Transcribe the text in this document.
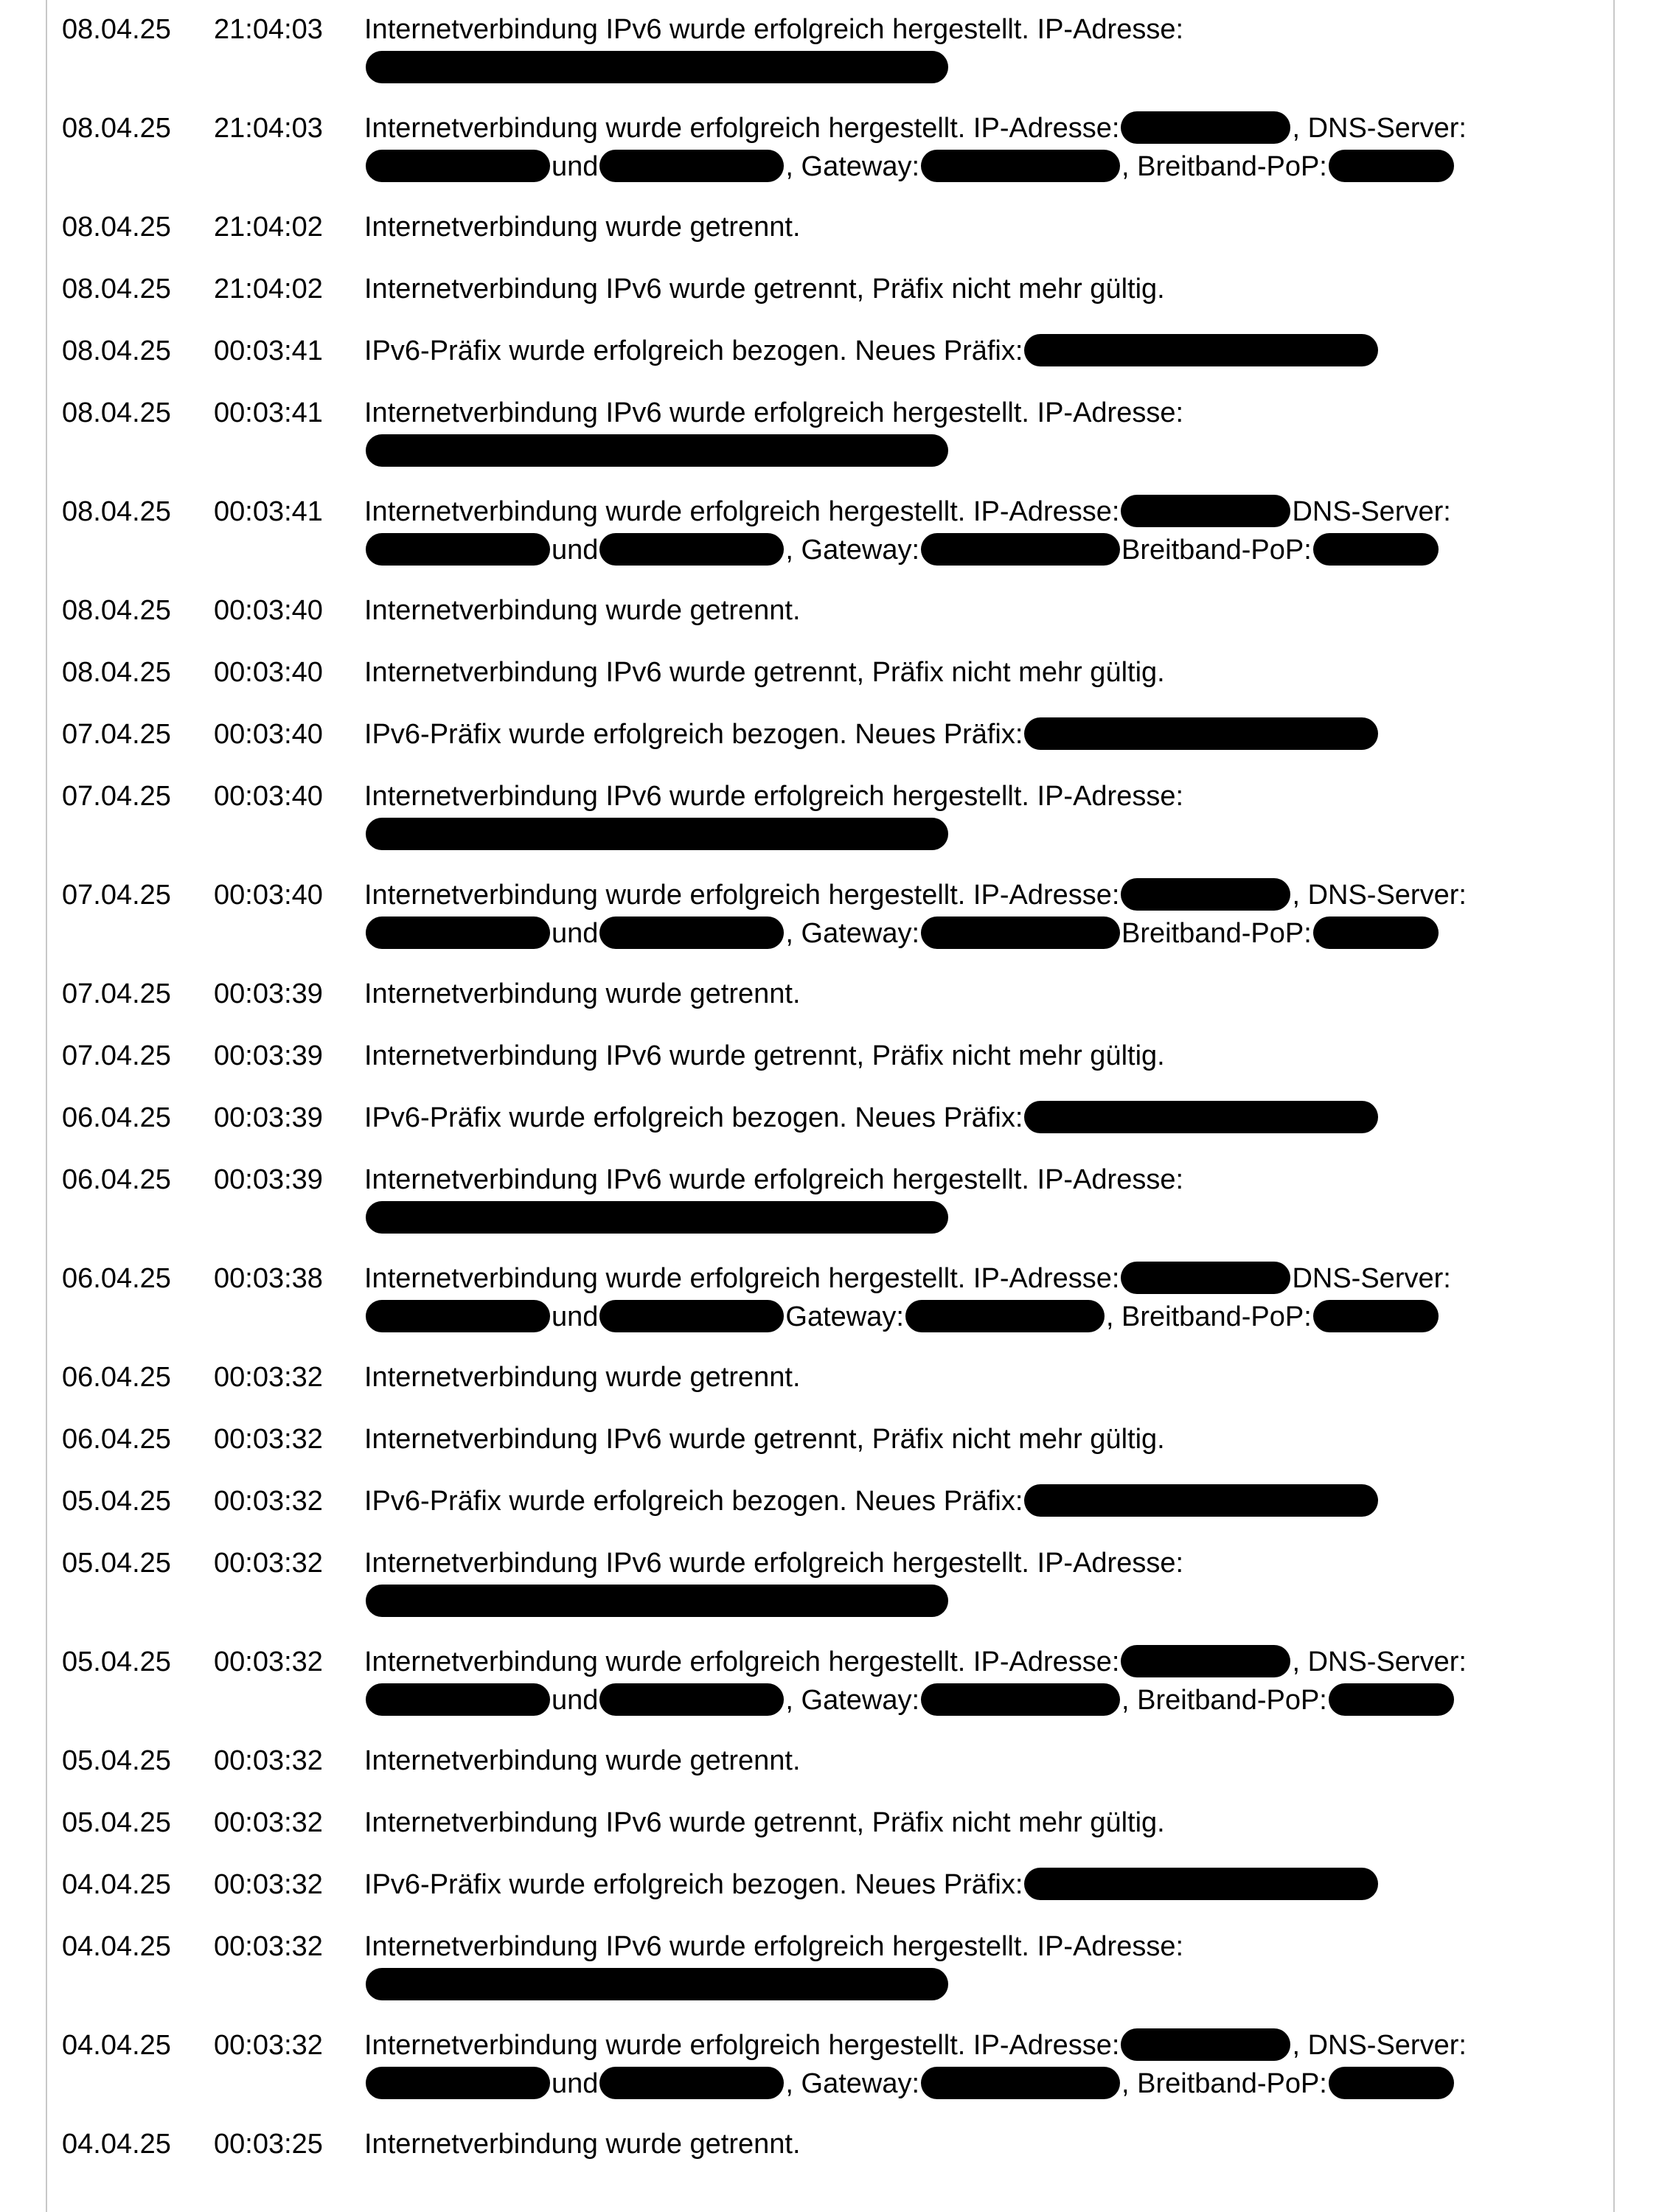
08.04.25 21:04:03 Internetverbindung IPv6 wurde erfolgreich hergestellt. IP-Adresse:
08.04.25 21:04:03 Internetverbindung wurde erfolgreich hergestellt. IP-Adresse:	, DNS-Server:
und	, Gateway:	, Breitband-PoP:
08.04.25 21:04:02 Internetverbindung wurde getrennt.
08.04.25 21:04:02 Internetverbindung IPv6 wurde getrennt, Präfix nicht mehr gültig.
08.04.25 00:03:41 IPv6-Präfix wurde erfolgreich bezogen. Neues Präfix:
08.04.25 00:03:41 Internetverbindung IPv6 wurde erfolgreich hergestellt. IP-Adresse:
08.04.25 00:03:41 Internetverbindung wurde erfolgreich hergestellt. IP-Adresse:	DNS-Server:
und	, Gateway:	Breitband-PoP:
08.04.25 00:03:40 Internetverbindung wurde getrennt.
08.04.25 00:03:40 Internetverbindung IPv6 wurde getrennt, Präfix nicht mehr gültig.
07.04.25 00:03:40 IPv6-Präfix wurde erfolgreich bezogen. Neues Präfix:
07.04.25 00:03:40 Internetverbindung IPv6 wurde erfolgreich hergestellt. IP-Adresse:
07.04.25 00:03:40 Internetverbindung wurde erfolgreich hergestellt. IP-Adresse:	, DNS-Server:
und	, Gateway:	Breitband-PoP:
07.04.25 00:03:39 Internetverbindung wurde getrennt.
07.04.25 00:03:39 Internetverbindung IPv6 wurde getrennt, Präfix nicht mehr gültig.
06.04.25 00:03:39 IPv6-Präfix wurde erfolgreich bezogen. Neues Präfix:
06.04.25 00:03:39 Internetverbindung IPv6 wurde erfolgreich hergestellt. IP-Adresse:
06.04.25 00:03:38 Internetverbindung wurde erfolgreich hergestellt. IP-Adresse:	DNS-Server:
und	Gateway:	, Breitband-PoP:
06.04.25 00:03:32 Internetverbindung wurde getrennt.
06.04.25 00:03:32 Internetverbindung IPv6 wurde getrennt, Präfix nicht mehr gültig.
05.04.25 00:03:32 IPv6-Präfix wurde erfolgreich bezogen. Neues Präfix:
05.04.25 00:03:32 Internetverbindung IPv6 wurde erfolgreich hergestellt. IP-Adresse:
05.04.25 00:03:32 Internetverbindung wurde erfolgreich hergestellt. IP-Adresse:	, DNS-Server:
und	, Gateway:	, Breitband-PoP:
05.04.25 00:03:32 Internetverbindung wurde getrennt.
05.04.25 00:03:32 Internetverbindung IPv6 wurde getrennt, Präfix nicht mehr gültig.
04.04.25 00:03:32 IPv6-Präfix wurde erfolgreich bezogen. Neues Präfix:
04.04.25 00:03:32 Internetverbindung IPv6 wurde erfolgreich hergestellt. IP-Adresse:
04.04.25 00:03:32 Internetverbindung wurde erfolgreich hergestellt. IP-Adresse:	, DNS-Server:
und	, Gateway:	, Breitband-PoP:
04.04.25 00:03:25 Internetverbindung wurde getrennt.
